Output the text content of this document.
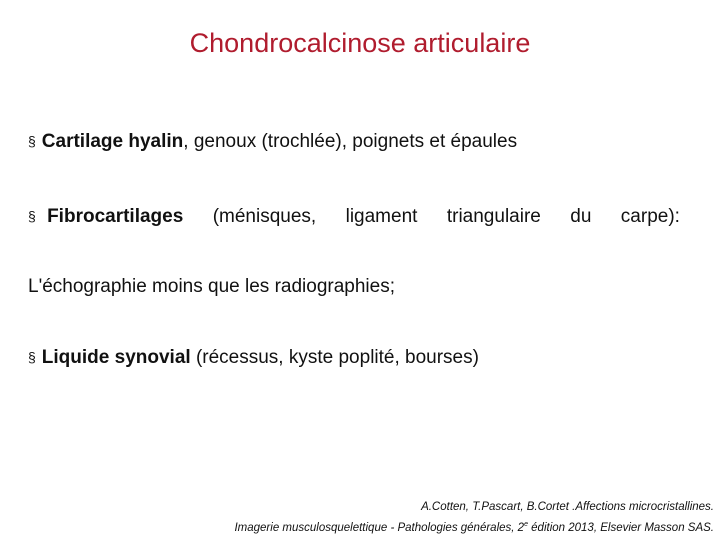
Chondrocalcinose articulaire
§ Cartilage hyalin, genoux (trochlée), poignets et épaules
§ Fibrocartilages (ménisques, ligament triangulaire du carpe):
L'échographie moins que les radiographies;
§ Liquide synovial (récessus, kyste poplité, bourses)
A.Cotten, T.Pascart, B.Cortet .Affections microcristallines.
Imagerie musculosquelettique - Pathologies générales, 2e édition 2013, Elsevier Masson SAS.
